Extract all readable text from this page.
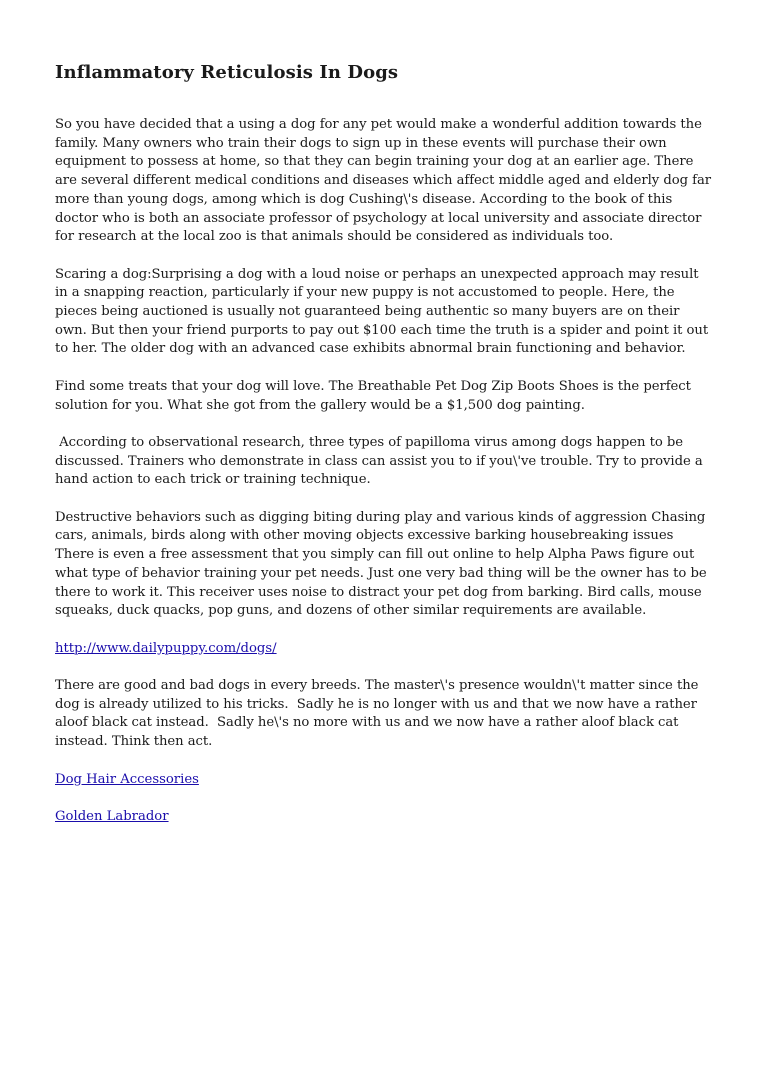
Inflammatory Reticulosis In Dogs

So you have decided that a using a dog for any pet would make a wonderful addition towards the family. Many owners who train their dogs to sign up in these events will purchase their own equipment to possess at home, so that they can begin training your dog at an earlier age. There are several different medical conditions and diseases which affect middle aged and elderly dog far more than young dogs, among which is dog Cushing\'s disease. According to the book of this doctor who is both an associate professor of psychology at local university and associate director for research at the local zoo is that animals should be considered as individuals too.

Scaring a dog:Surprising a dog with a loud noise or perhaps an unexpected approach may result in a snapping reaction, particularly if your new puppy is not accustomed to people. Here, the pieces being auctioned is usually not guaranteed being authentic so many buyers are on their own. But then your friend purports to pay out $100 each time the truth is a spider and point it out to her. The older dog with an advanced case exhibits abnormal brain functioning and behavior.

Find some treats that your dog will love. The Breathable Pet Dog Zip Boots Shoes is the perfect solution for you. What she got from the gallery would be a $1,500 dog painting.

According to observational research, three types of papilloma virus among dogs happen to be discussed. Trainers who demonstrate in class can assist you to if you\'ve trouble. Try to provide a hand action to each trick or training technique.

Destructive behaviors such as digging biting during play and various kinds of aggression Chasing cars, animals, birds along with other moving objects excessive barking housebreaking issues There is even a free assessment that you simply can fill out online to help Alpha Paws figure out what type of behavior training your pet needs. Just one very bad thing will be the owner has to be there to work it. This receiver uses noise to distract your pet dog from barking. Bird calls, mouse squeaks, duck quacks, pop guns, and dozens of other similar requirements are available.

http://www.dailypuppy.com/dogs/

There are good and bad dogs in every breeds. The master\'s presence wouldn\'t matter since the dog is already utilized to his tricks.  Sadly he is no longer with us and that we now have a rather aloof black cat instead.  Sadly he\'s no more with us and we now have a rather aloof black cat instead. Think then act.

Dog Hair Accessories
Golden Labrador
